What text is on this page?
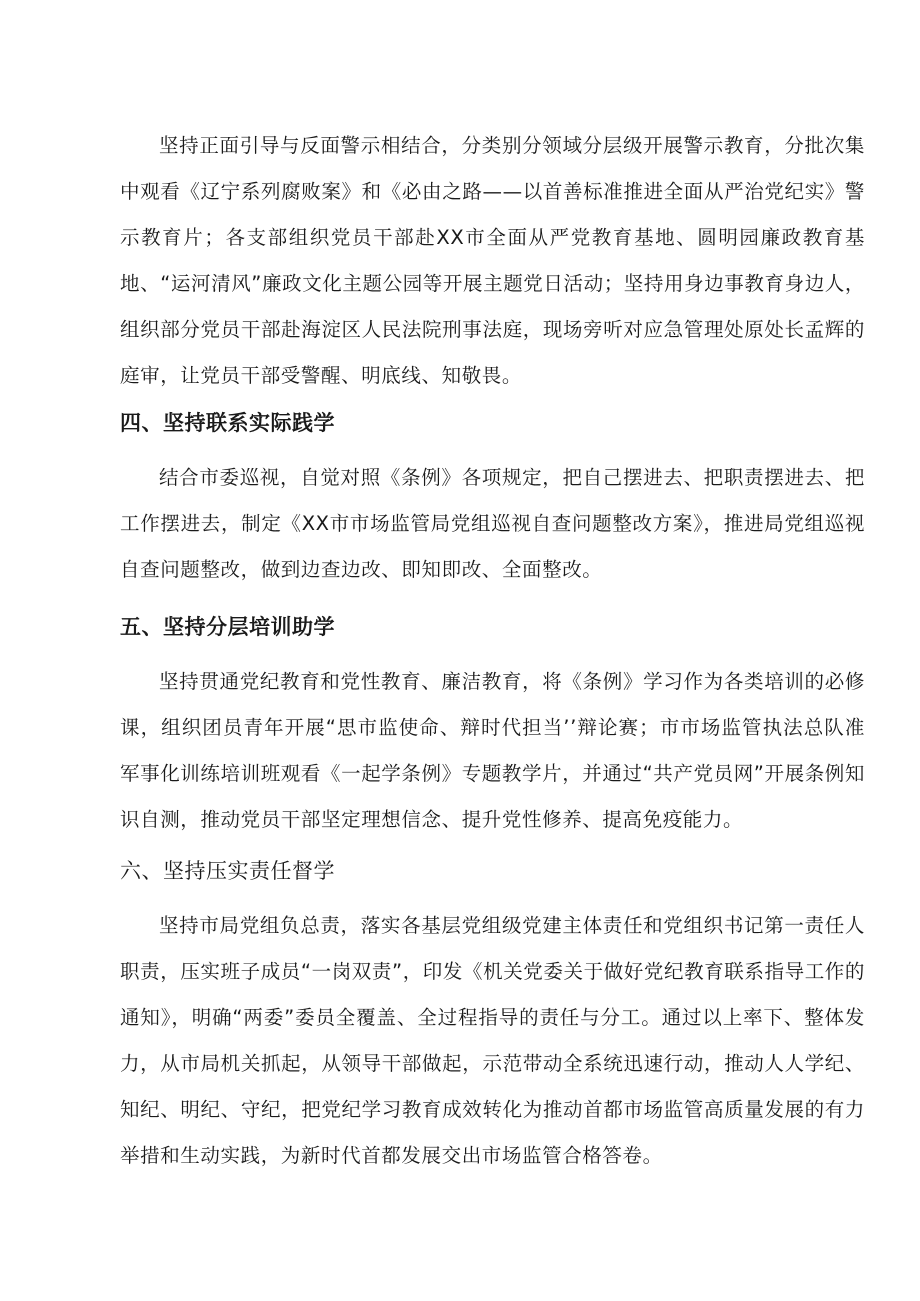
坚持正面引导与反面警示相结合，分类别分领域分层级开展警示教育，分批次集中观看《辽宁系列腐败案》和《必由之路——以首善标准推进全面从严治党纪实》警示教育片；各支部组织党员干部赴XX市全面从严党教育基地、圆明园廉政教育基地、“运河清风”廉政文化主题公园等开展主题党日活动；坚持用身边事教育身边人，组织部分党员干部赴海淀区人民法院刑事法庭，现场旁听对应急管理处原处长孟辉的庭审，让党员干部受警醒、明底线、知敬畏。

四、坚持联系实际践学

结合市委巡视，自觉对照《条例》各项规定，把自己摆进去、把职责摆进去、把工作摆进去，制定《XX市市场监管局党组巡视自查问题整改方案》，推进局党组巡视自查问题整改，做到边查边改、即知即改、全面整改。

五、坚持分层培训助学

坚持贯通党纪教育和党性教育、廉洁教育，将《条例》学习作为各类培训的必修课，组织团员青年开展“思市监使命、辩时代担当’’辩论赛；市市场监管执法总队准军事化训练培训班观看《一起学条例》专题教学片，并通过“共产党员网”开展条例知识自测，推动党员干部坚定理想信念、提升党性修养、提高免疫能力。

六、坚持压实责任督学

坚持市局党组负总责，落实各基层党组级党建主体责任和党组织书记第一责任人职责，压实班子成员“一岗双责”，印发《机关党委关于做好党纪教育联系指导工作的通知》，明确“两委”委员全覆盖、全过程指导的责任与分工。通过以上率下、整体发力，从市局机关抓起，从领导干部做起，示范带动全系统迅速行动，推动人人学纪、知纪、明纪、守纪，把党纪学习教育成效转化为推动首都市场监管高质量发展的有力举措和生动实践，为新时代首都发展交出市场监管合格答卷。
